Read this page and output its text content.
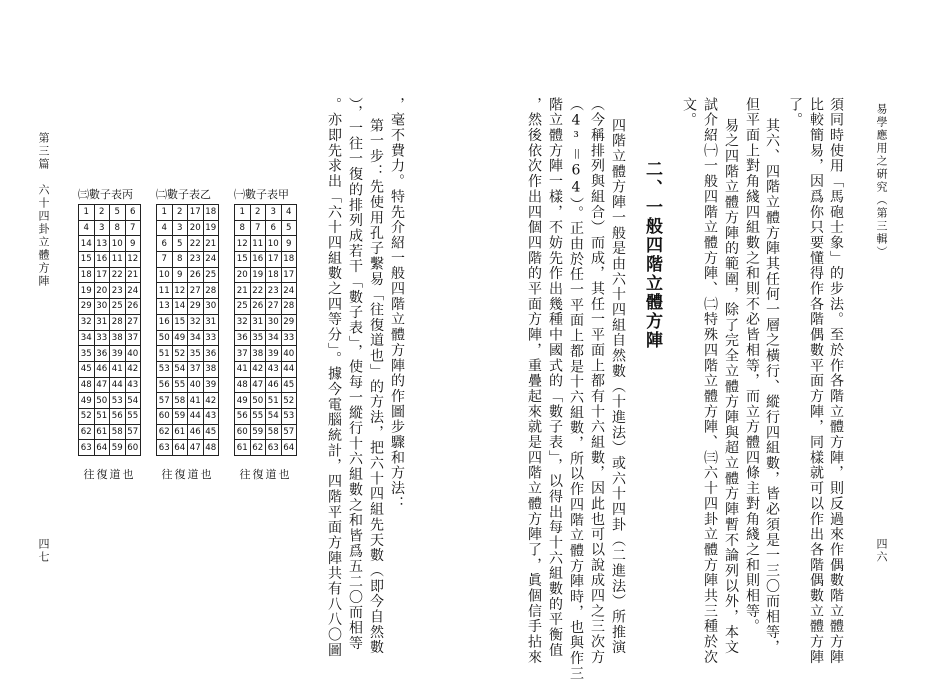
易學應用之硏究（第三輯）
四六
須同時使用「馬砲士象」的步法。至於作各階立體方陣，則反過來作偶數階立體方陣
比較簡易，因爲你只要懂得作各階偶數平面方陣，同樣就可以作出各階偶數立體方陣
了。
其六、四階立體方陣其任何一層之橫行、縱行四組數，皆必須是一三〇而相等，
但平面上對角綫四組數之和則不必皆相等，而立方體四條主對角綫之和則相等。
易之四階立體方陣的範圍，除了完全立體方陣與超立體方陣暫不論列以外，本文
試介紹㈠一般四階立體方陣、㈡特殊四階立體方陣、㈢六十四卦立體方陣共三種於次
文。
二、一般四階立體方陣
四階立體方陣一般是由六十四組自然數（十進法）或六十四卦（二進法）所推演
（今稱排列與組合）而成，其任一平面上都有十六組數，因此也可以說成四之三次方
（4³＝64）。正由於任一平面上都是十六組數，所以作四階立體方陣時，也與作三
階立體方陣一樣，不妨先作出幾種中國式的「數子表」，以得出每十六組數的平衡值
，然後依次作出四個四階的平面方陣，重疊起來就是四階立體方陣了，眞個信手拈來
，毫不費力。特先介紹一般四階立體方陣的作圖步驟和方法：
第一步：先使用孔子繫易「往復道也」的方法，把六十四組先天數（即今自然數
），一往一復的排列成若干「數子表」，使每一縱行十六組數之和皆爲五二〇而相等
。亦即先求出「六十四組數之四等分」。據今電腦統計，四階平面方陣共有八八〇圖
㈠數子表甲
1	2	3	4
8	7	6	5
12	11	10	9
15	16	17	18
20	19	18	17
21	22	23	24
25	26	27	28
32	31	30	29
36	35	34	33
37	38	39	40
41	42	43	44
48	47	46	45
49	50	51	52
56	55	54	53
60	59	58	57
61	62	63	64
往復道也
㈡數子表乙
1	2	17	18
4	3	20	19
6	5	22	21
7	8	23	24
10	9	26	25
11	12	27	28
13	14	29	30
16	15	32	31
50	49	34	33
51	52	35	36
53	54	37	38
56	55	40	39
57	58	41	42
60	59	44	43
62	61	46	45
63	64	47	48
往復道也
㈢數子表丙
1	2	5	6
4	3	8	7
14	13	10	9
15	16	11	12
18	17	22	21
19	20	23	24
29	30	25	26
32	31	28	27
34	33	38	37
35	36	39	40
45	46	41	42
48	47	44	43
49	50	53	54
52	51	56	55
62	61	58	57
63	64	59	60
往復道也
第三篇　六十四卦立體方陣
四七
